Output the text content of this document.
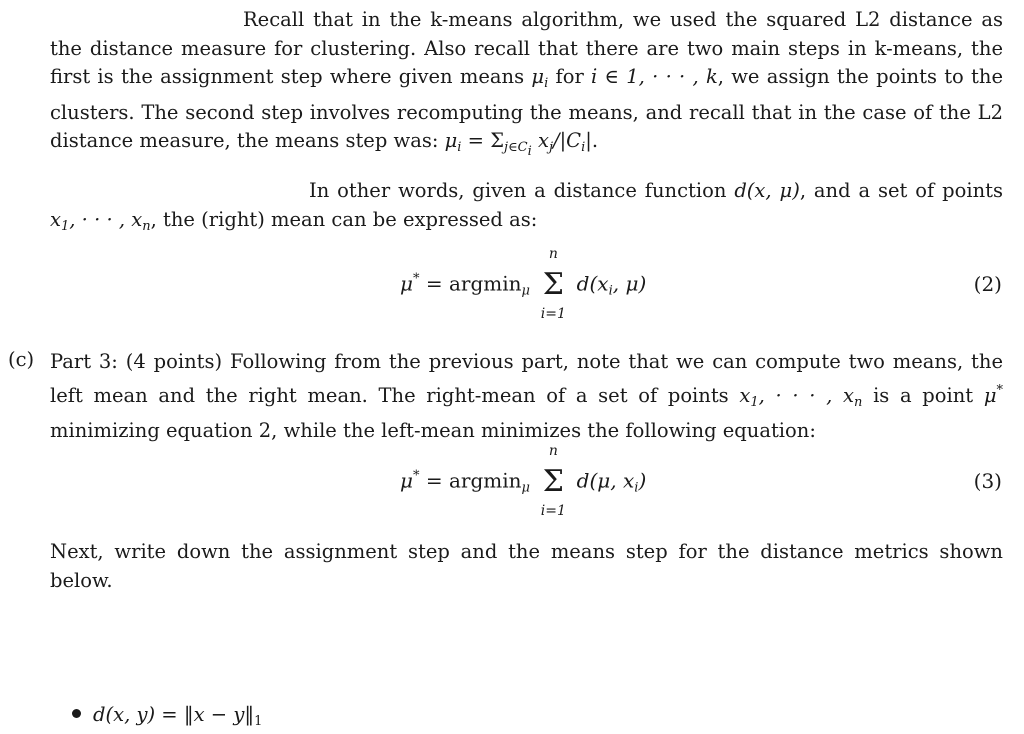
Recall that in the k-means algorithm, we used the squared L2 distance as the distance measure for clustering. Also recall that there are two main steps in k-means, the first is the assignment step where given means $\mu_i$ for i ∈ 1, · · · , k, we assign the points to the clusters. The second step involves recomputing the means, and recall that in the case of the L2 distance measure, the means step was: $\mu_i = \Sigma_{j\in Ci}$ $x_j/|C_i|$.

In other words, given a distance function d(x, μ), and a set of points $x_1$, · · · , $x_n$, the (right) mean can be expressed as:

μ* = argmin$_\mu$
n
Σ
i=1
$d(x_i$, μ)	(2)
(c) Part 3: (4 points) Following from the previous part, note that we can compute two means, the left mean and the right mean. The right-mean of a set of points $x_1$, · · · , $x_n$ is a point μ* minimizing equation 2, while the left-mean minimizes the following equation:

μ* = argmin$_\mu$
n
Σ
i=1
d(μ, $x_i$)	(3)

Next, write down the assignment step and the means step for the distance metrics shown below.

d(x, y) = ‖x − $y‖_1$
